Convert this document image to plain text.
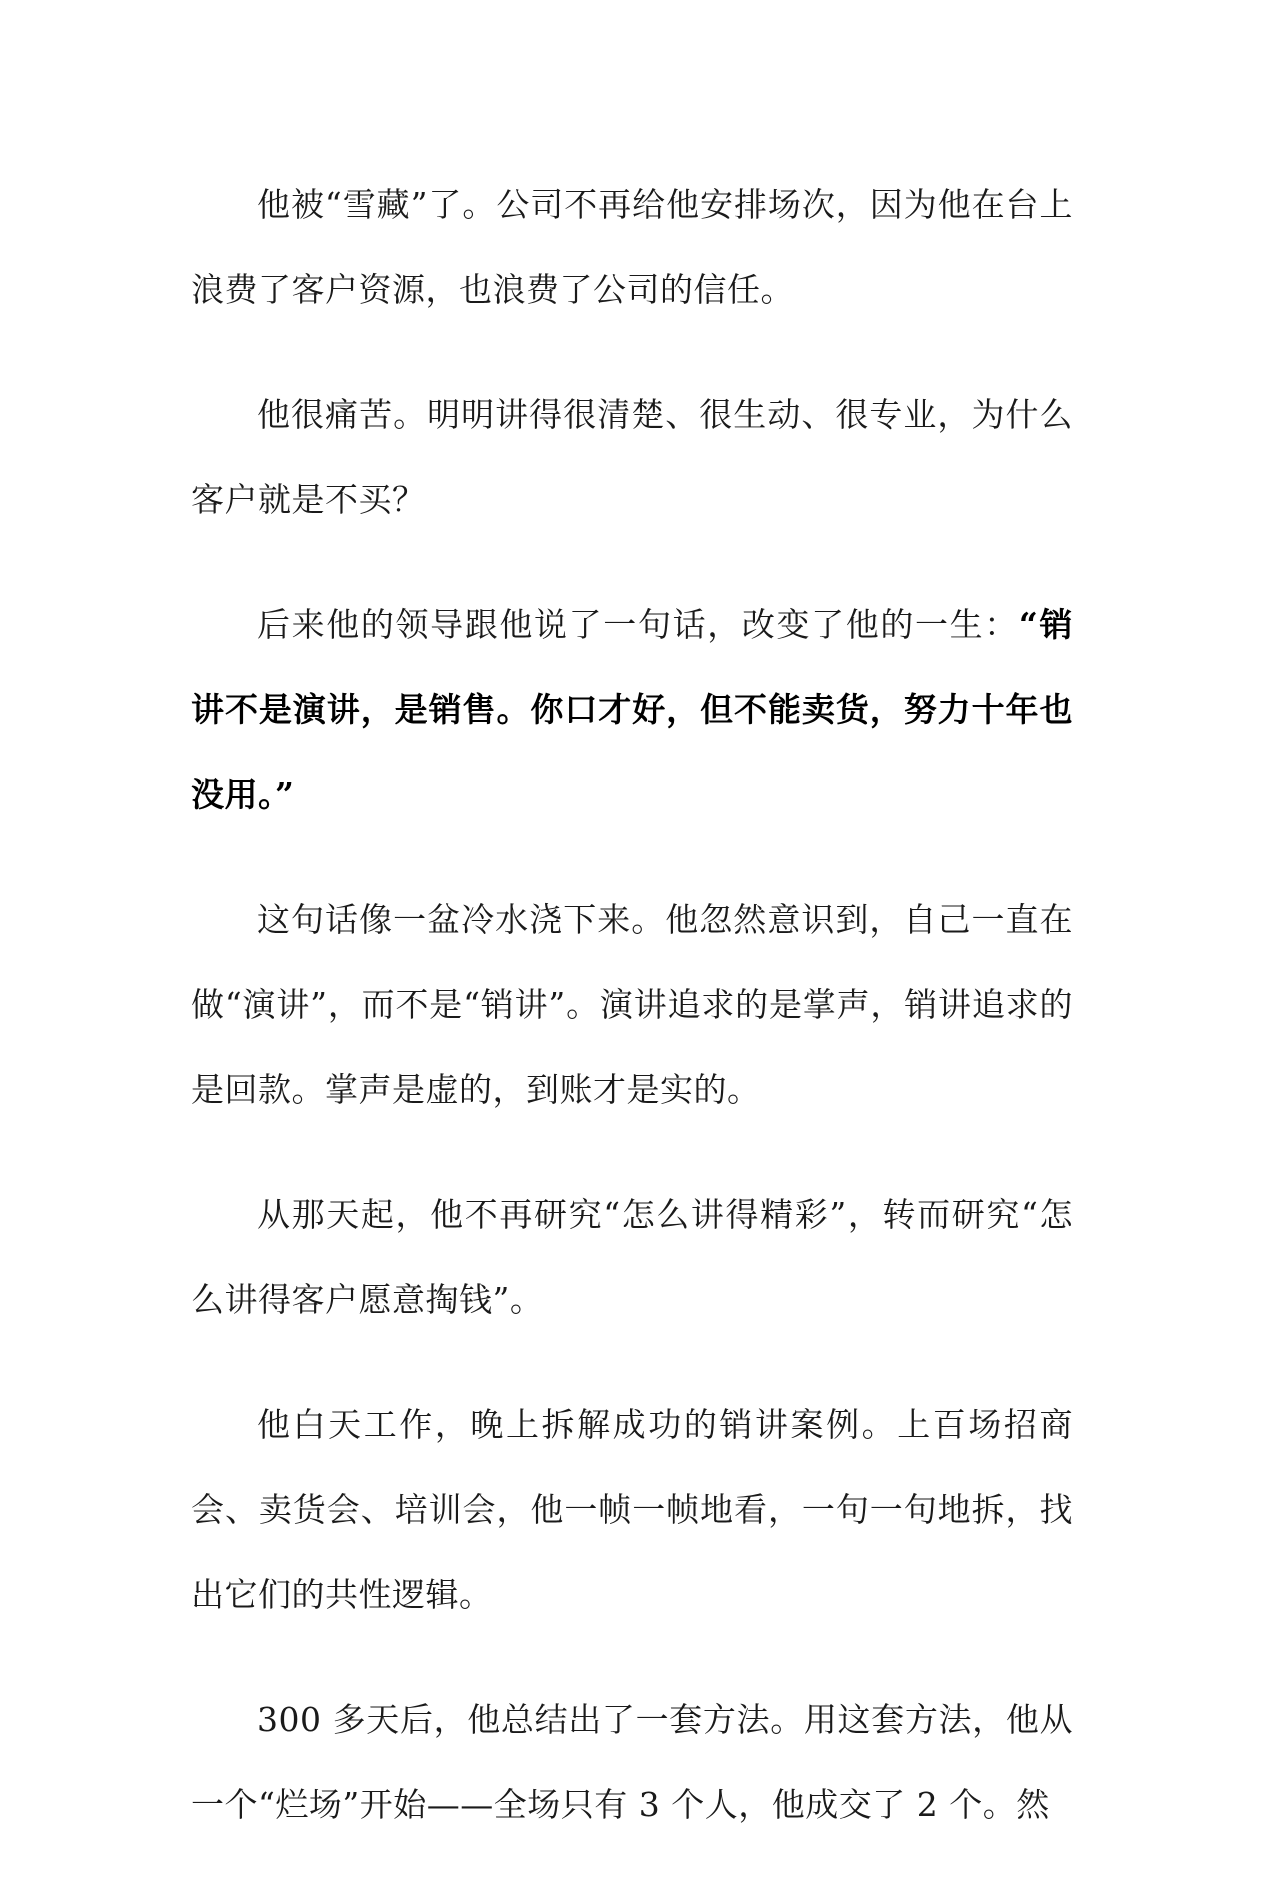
他被“雪藏”了。公司不再给他安排场次，因为他在台上浪费了客户资源，也浪费了公司的信任。

他很痛苦。明明讲得很清楚、很生动、很专业，为什么客户就是不买？

后来他的领导跟他说了一句话，改变了他的一生：“销讲不是演讲，是销售。你口才好，但不能卖货，努力十年也没用。”

这句话像一盆冷水浇下来。他忽然意识到，自己一直在做“演讲”，而不是“销讲”。演讲追求的是掌声，销讲追求的是回款。掌声是虚的，到账才是实的。

从那天起，他不再研究“怎么讲得精彩”，转而研究“怎么讲得客户愿意掏钱”。

他白天工作，晚上拆解成功的销讲案例。上百场招商会、卖货会、培训会，他一帧一帧地看，一句一句地拆，找出它们的共性逻辑。

300 多天后，他总结出了一套方法。用这套方法，他从一个“烂场”开始——全场只有 3 个人，他成交了 2 个。然
